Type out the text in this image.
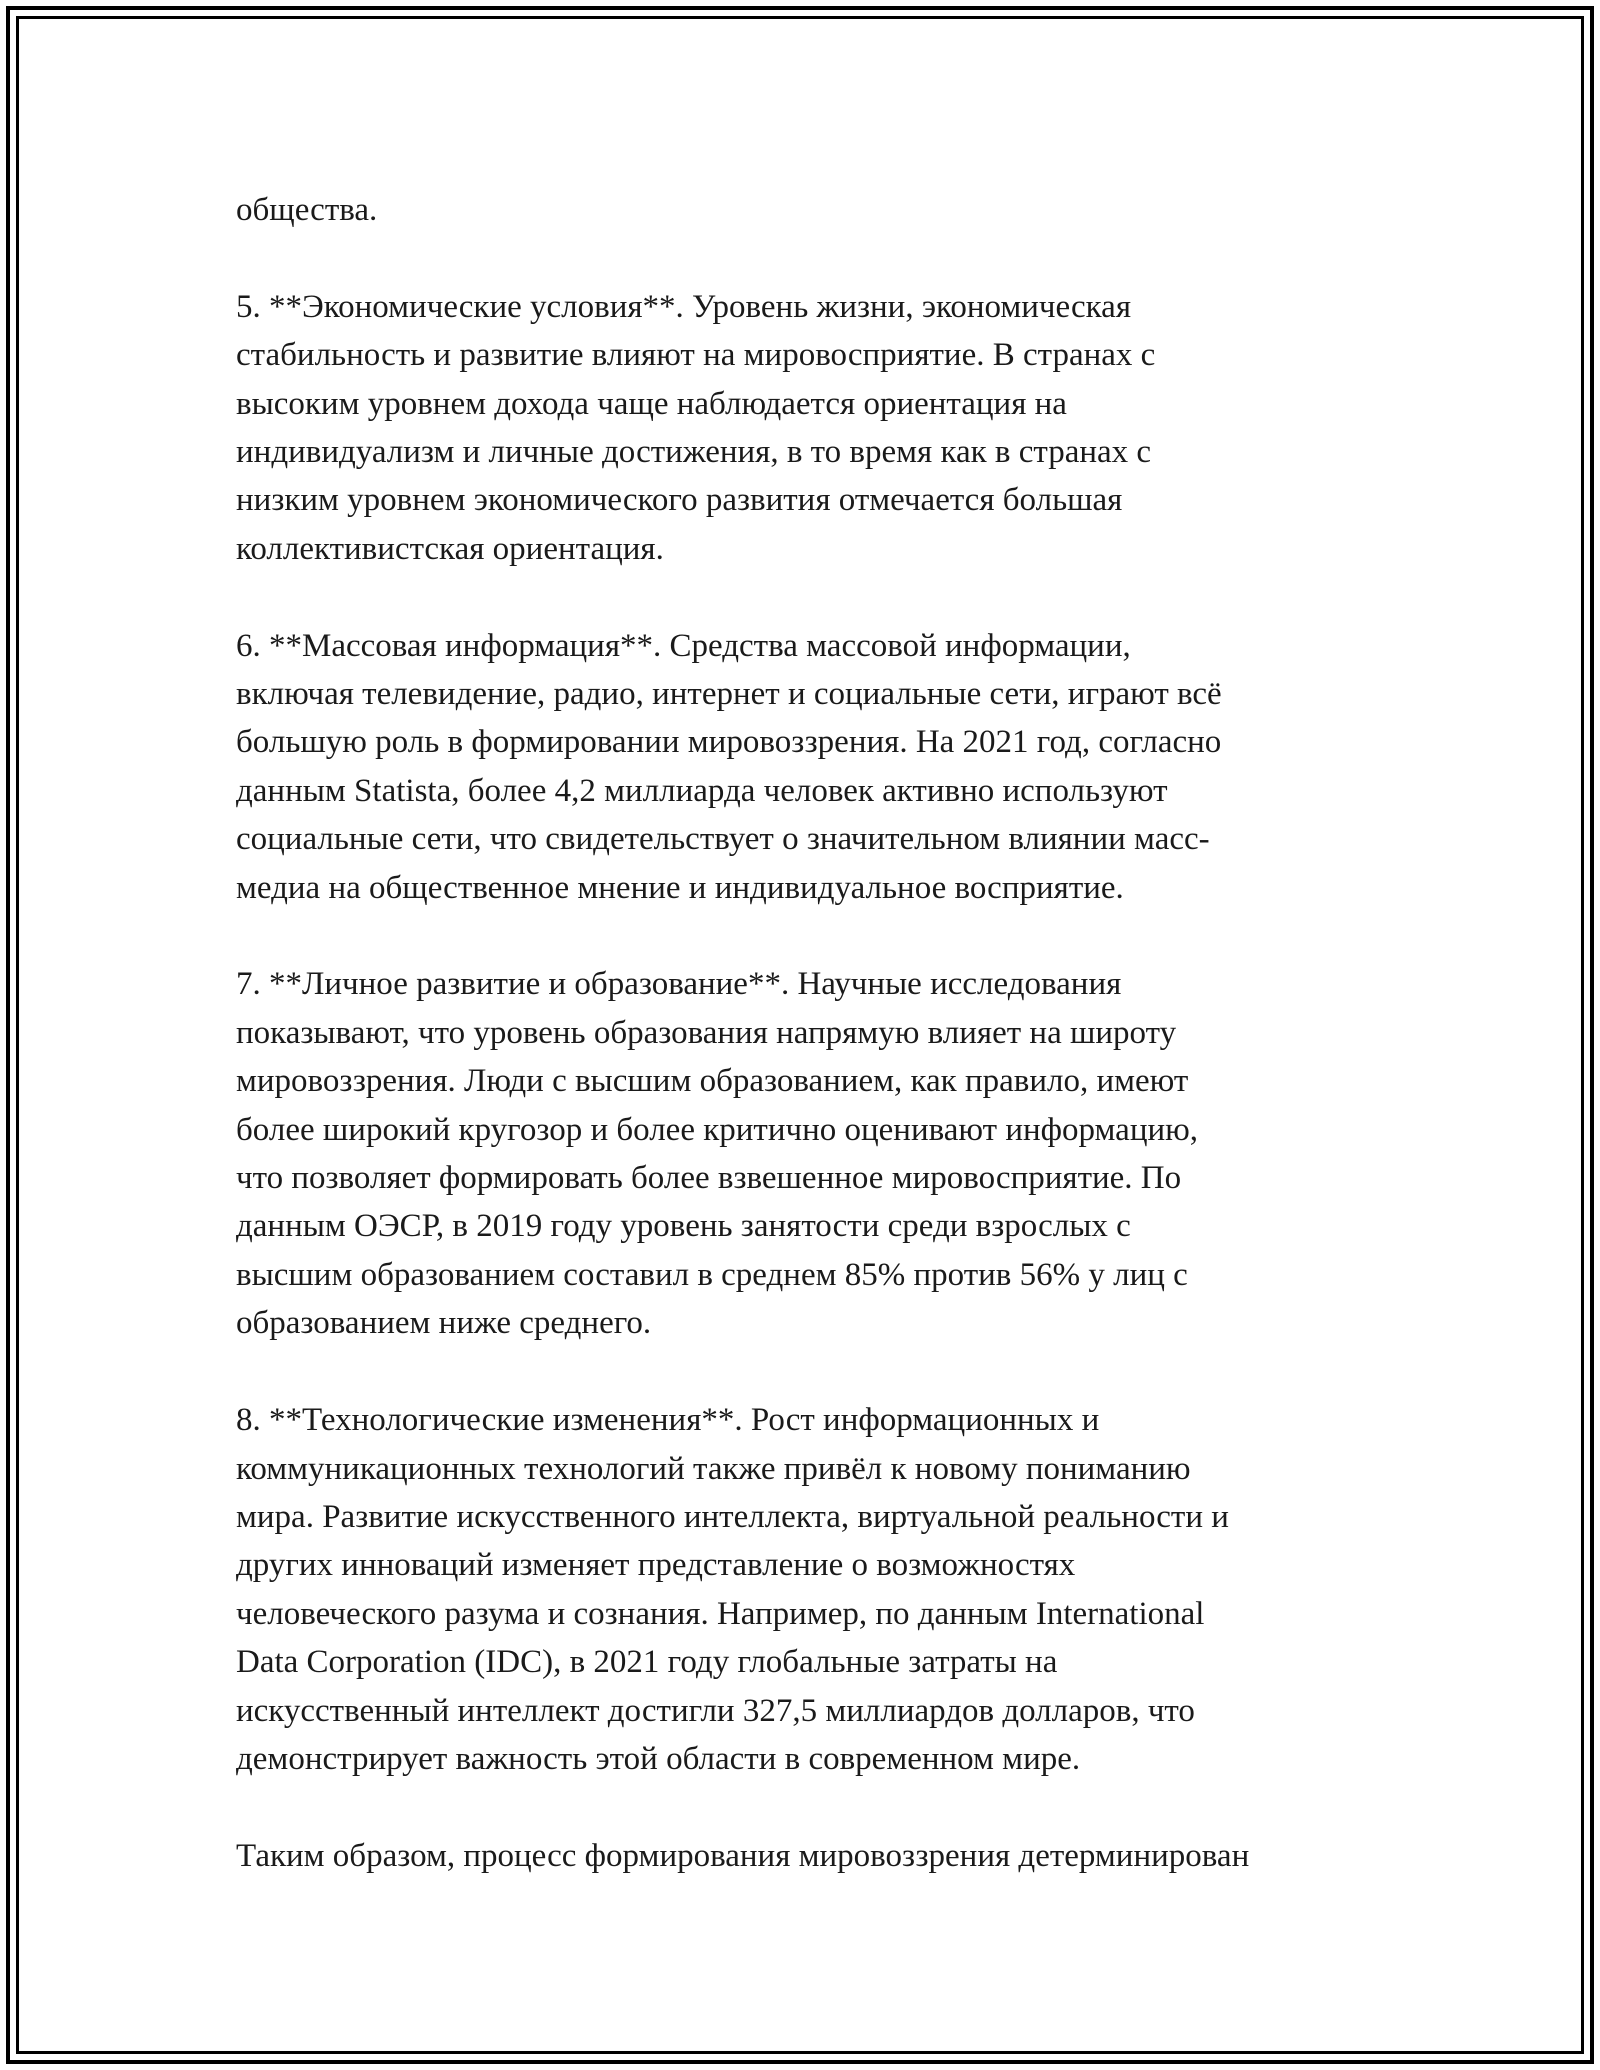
общества.

5. **Экономические условия**. Уровень жизни, экономическая
стабильность и развитие влияют на мировосприятие. В странах с
высоким уровнем дохода чаще наблюдается ориентация на
индивидуализм и личные достижения, в то время как в странах с
низким уровнем экономического развития отмечается большая
коллективистская ориентация.

6. **Массовая информация**. Средства массовой информации,
включая телевидение, радио, интернет и социальные сети, играют всё
большую роль в формировании мировоззрения. На 2021 год, согласно
данным Statista, более 4,2 миллиарда человек активно используют
социальные сети, что свидетельствует о значительном влиянии масс-
медиа на общественное мнение и индивидуальное восприятие.

7. **Личное развитие и образование**. Научные исследования
показывают, что уровень образования напрямую влияет на широту
мировоззрения. Люди с высшим образованием, как правило, имеют
более широкий кругозор и более критично оценивают информацию,
что позволяет формировать более взвешенное мировосприятие. По
данным ОЭСР, в 2019 году уровень занятости среди взрослых с
высшим образованием составил в среднем 85% против 56% у лиц с
образованием ниже среднего.

8. **Технологические изменения**. Рост информационных и
коммуникационных технологий также привёл к новому пониманию
мира. Развитие искусственного интеллекта, виртуальной реальности и
других инноваций изменяет представление о возможностях
человеческого разума и сознания. Например, по данным International
Data Corporation (IDC), в 2021 году глобальные затраты на
искусственный интеллект достигли 327,5 миллиардов долларов, что
демонстрирует важность этой области в современном мире.

Таким образом, процесс формирования мировоззрения детерминирован
